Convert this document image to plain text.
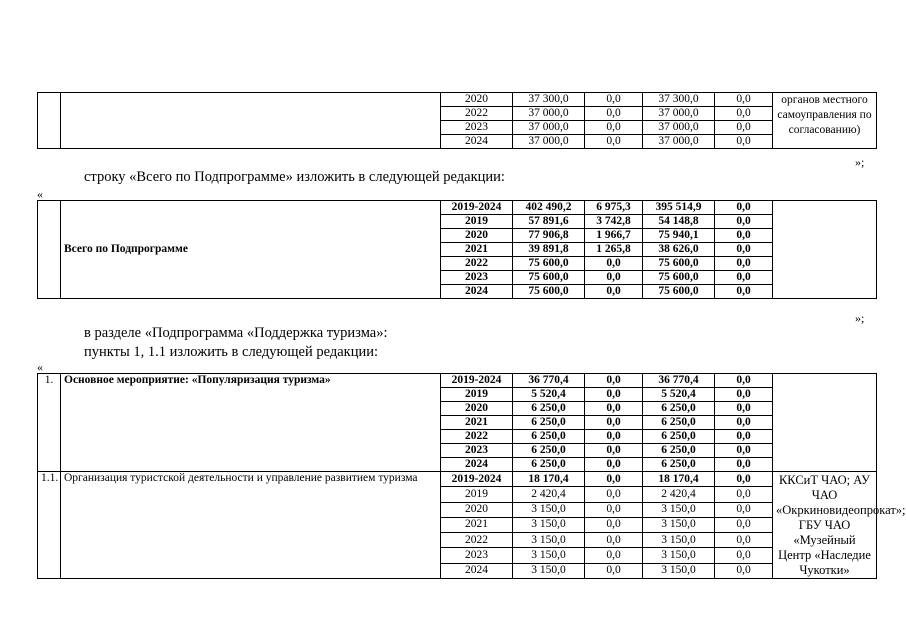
		2020	37 300,0	0,0	37 300,0	0,0	органов местного самоуправления по согласованию)
		2022	37 000,0	0,0	37 000,0	0,0	
		2023	37 000,0	0,0	37 000,0	0,0	
		2024	37 000,0	0,0	37 000,0	0,0	
»;
строку «Всего по Подпрограмме» изложить в следующей редакции:
«
	Всего по Подпрограмме	2019-2024	402 490,2	6 975,3	395 514,9	0,0	
		2019	57 891,6	3 742,8	54 148,8	0,0	
		2020	77 906,8	1 966,7	75 940,1	0,0	
		2021	39 891,8	1 265,8	38 626,0	0,0	
		2022	75 600,0	0,0	75 600,0	0,0	
		2023	75 600,0	0,0	75 600,0	0,0	
		2024	75 600,0	0,0	75 600,0	0,0	
»;
в разделе «Подпрограмма «Поддержка туризма»:
пункты 1, 1.1 изложить в следующей редакции:
«
1.	Основное мероприятие: «Популяризация туризма»	2019-2024	36 770,4	0,0	36 770,4	0,0	
		2019	5 520,4	0,0	5 520,4	0,0	
		2020	6 250,0	0,0	6 250,0	0,0	
		2021	6 250,0	0,0	6 250,0	0,0	
		2022	6 250,0	0,0	6 250,0	0,0	
		2023	6 250,0	0,0	6 250,0	0,0	
		2024	6 250,0	0,0	6 250,0	0,0	
1.1.	Организация туристской деятельности и управление развитием туризма	2019-2024	18 170,4	0,0	18 170,4	0,0	ККСиТ ЧАО; АУ ЧАО «Окркиновидеопрокат»; ГБУ ЧАО «Музейный Центр «Наследие Чукотки»
		2019	2 420,4	0,0	2 420,4	0,0	
		2020	3 150,0	0,0	3 150,0	0,0	
		2021	3 150,0	0,0	3 150,0	0,0	
		2022	3 150,0	0,0	3 150,0	0,0	
		2023	3 150,0	0,0	3 150,0	0,0	
		2024	3 150,0	0,0	3 150,0	0,0	
